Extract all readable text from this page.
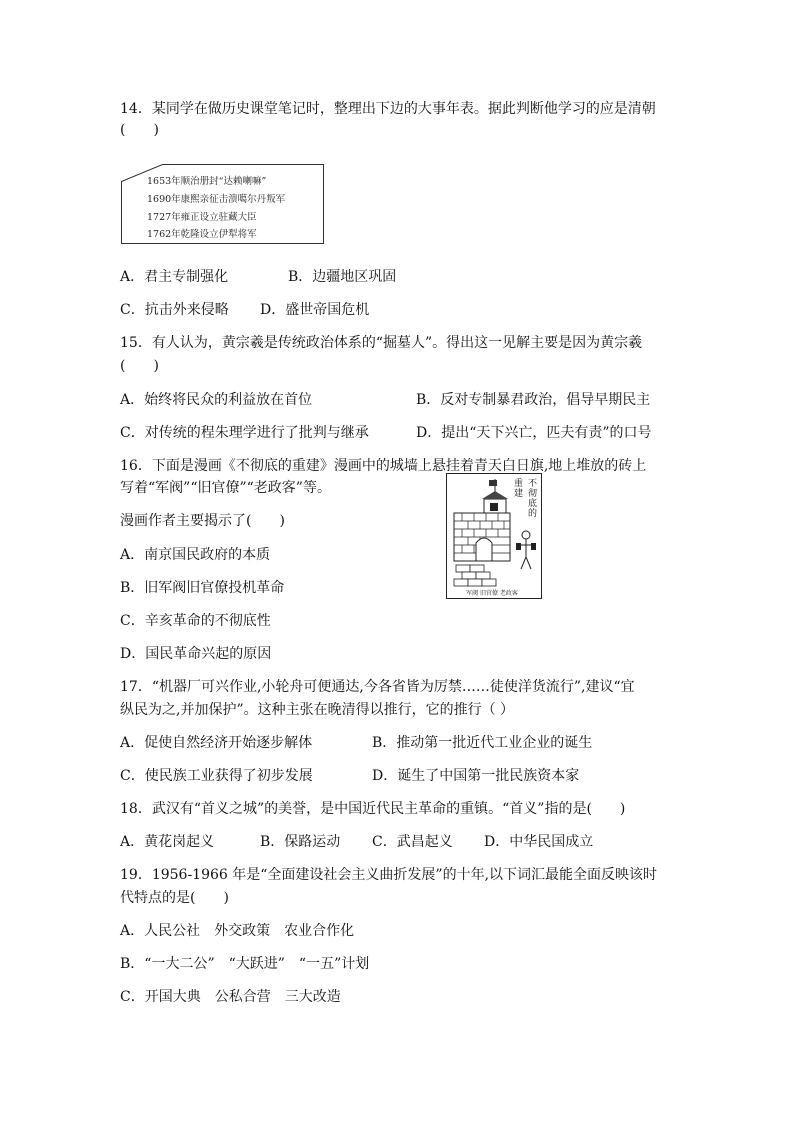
14．某同学在做历史课堂笔记时，整理出下边的大事年表。据此判断他学习的应是清朝
(　　)
1653年顺治册封“达赖喇嘛”
1690年康熙亲征击溃噶尔丹叛军
1727年雍正设立驻藏大臣
1762年乾隆设立伊犁将军
A．君主专制强化	B．边疆地区巩固
C．抗击外来侵略 D．盛世帝国危机
15．有人认为，黄宗羲是传统政治体系的“掘墓人”。得出这一见解主要是因为黄宗羲
(　　)
A．始终将民众的利益放在首位	B．反对专制暴君政治，倡导早期民主
C．对传统的程朱理学进行了批判与继承	D．提出“天下兴亡，匹夫有责”的口号
16．下面是漫画《不彻底的重建》漫画中的城墙上悬挂着青天白日旗,地上堆放的砖上
写着“军阀”“旧官僚”“老政客”等。
漫画作者主要揭示了(　　)
军阀 旧官僚 老政客
不彻底的
重建
A．南京国民政府的本质
B．旧军阀旧官僚投机革命
C．辛亥革命的不彻底性
D．国民革命兴起的原因
17．“机器厂可兴作业,小轮舟可便通达,今各省皆为厉禁……徒使洋货流行”,建议“宜
纵民为之,并加保护”。这种主张在晚清得以推行，它的推行（ ）
A．促使自然经济开始逐步解体	B．推动第一批近代工业企业的诞生
C．使民族工业获得了初步发展	D．诞生了中国第一批民族资本家
18．武汉有“首义之城”的美誉，是中国近代民主革命的重镇。“首义”指的是(　　)
A．黄花岗起义	B．保路运动 C．武昌起义 D．中华民国成立
19．1956-1966 年是“全面建设社会主义曲折发展”的十年,以下词汇最能全面反映该时
代特点的是(　　)
A．人民公社　外交政策　农业合作化
B．“一大二公”　“大跃进”　“一五”计划
C．开国大典　公私合营　三大改造
